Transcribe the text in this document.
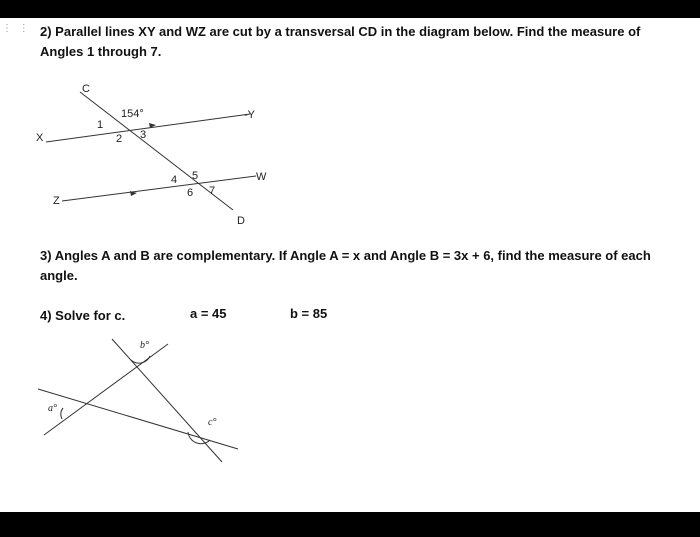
⋮ ⋮ 2) Parallel lines XY and WZ are cut by a transversal CD in the diagram below. Find the measure of
Angles 1 through 7.
C
X
-Y
Z
W
D
154°
1
2 3
4 5
6 7
a°
b°
c°
3) Angles A and B are complementary. If Angle A = x and Angle B = 3x + 6, find the measure of each
angle.
4) Solve for c.	a = 45	b = 85
